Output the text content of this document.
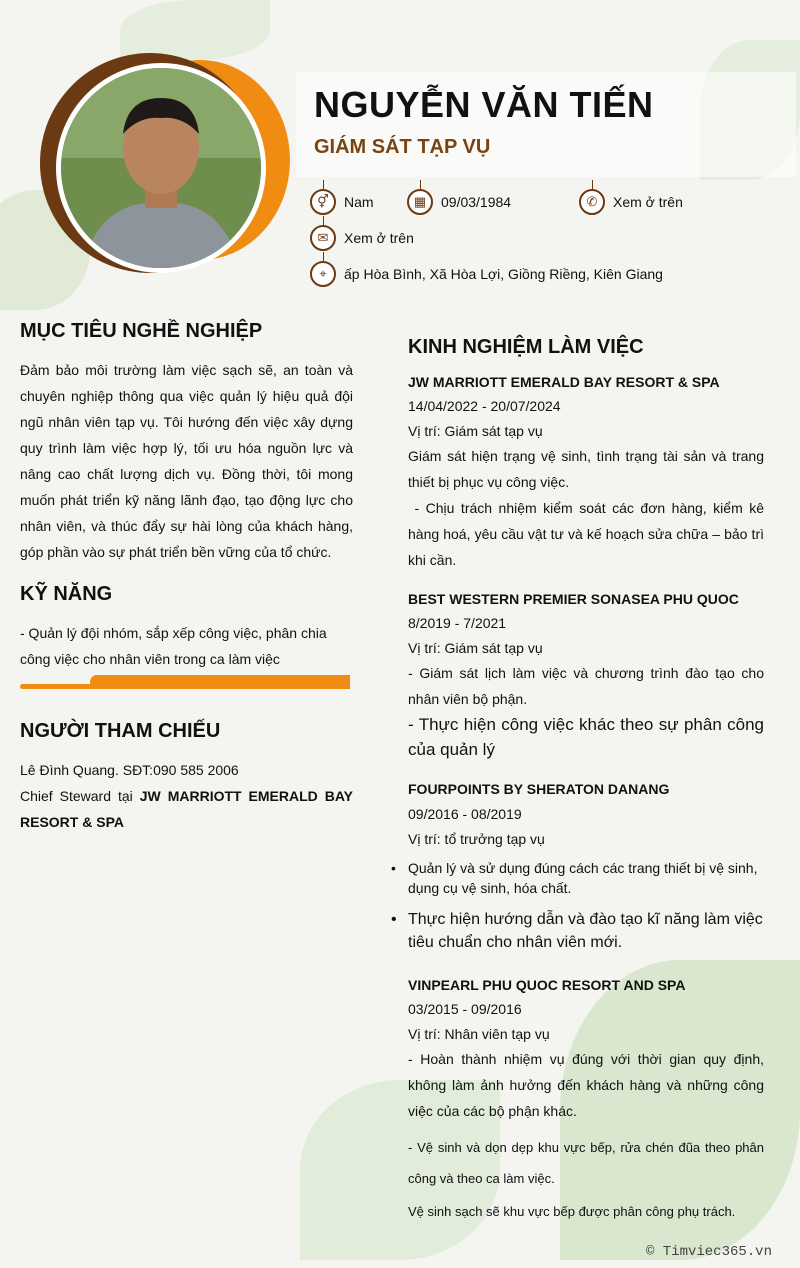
NGUYỄN VĂN TIẾN
GIÁM SÁT TẠP VỤ
⚥	Nam	▦	09/03/1984	✆	Xem ở trên
✉	Xem ở trên
⌖	ấp Hòa Bình, Xã Hòa Lợi, Giồng Riềng, Kiên Giang
MỤC TIÊU NGHỀ NGHIỆP

Đảm bảo môi trường làm việc sạch sẽ, an toàn và chuyên nghiệp thông qua việc quản lý hiệu quả đội ngũ nhân viên tạp vụ. Tôi hướng đến việc xây dựng quy trình làm việc hợp lý, tối ưu hóa nguồn lực và nâng cao chất lượng dịch vụ. Đồng thời, tôi mong muốn phát triển kỹ năng lãnh đạo, tạo động lực cho nhân viên, và thúc đẩy sự hài lòng của khách hàng, góp phần vào sự phát triển bền vững của tổ chức.

KỸ NĂNG

- Quản lý đội nhóm, sắp xếp công việc, phân chia

công việc cho nhân viên trong ca làm việc

NGƯỜI THAM CHIẾU

Lê Đình Quang. SĐT:090 585 2006

Chief Steward tại JW MARRIOTT EMERALD BAY RESORT & SPA

KINH NGHIỆM LÀM VIỆC

JW MARRIOTT EMERALD BAY RESORT & SPA

14/04/2022 - 20/07/2024

Vị trí: Giám sát tạp vụ

Giám sát hiện trạng vệ sinh, tình trạng tài sản và trang thiết bị phục vụ công việc.

- Chịu trách nhiệm kiểm soát các đơn hàng, kiểm kê hàng hoá, yêu cầu vật tư và kế hoạch sửa chữa – bảo trì khi cần.

BEST WESTERN PREMIER SONASEA PHU QUOC

8/2019 - 7/2021

Vị trí: Giám sát tạp vụ

- Giám sát lịch làm việc và chương trình đào tạo cho nhân viên bộ phận.

- Thực hiện công việc khác theo sự phân công của quản lý

FOURPOINTS BY SHERATON DANANG

09/2016 - 08/2019

Vị trí: tổ trưởng tạp vụ

• Quản lý và sử dụng đúng cách các trang thiết bị vệ sinh, dụng cụ vệ sinh, hóa chất.
• Thực hiện hướng dẫn và đào tạo kĩ năng làm việc tiêu chuẩn cho nhân viên mới.

VINPEARL PHU QUOC RESORT AND SPA

03/2015 - 09/2016

Vị trí: Nhân viên tạp vụ

- Hoàn thành nhiệm vụ đúng với thời gian quy định, không làm ảnh hưởng đến khách hàng và những công việc của các bộ phận khác.

- Vệ sinh và dọn dẹp khu vực bếp, rửa chén đũa theo phân công và theo ca làm việc.

Vệ sinh sạch sẽ khu vực bếp được phân công phụ trách.

© Timviec365.vn
